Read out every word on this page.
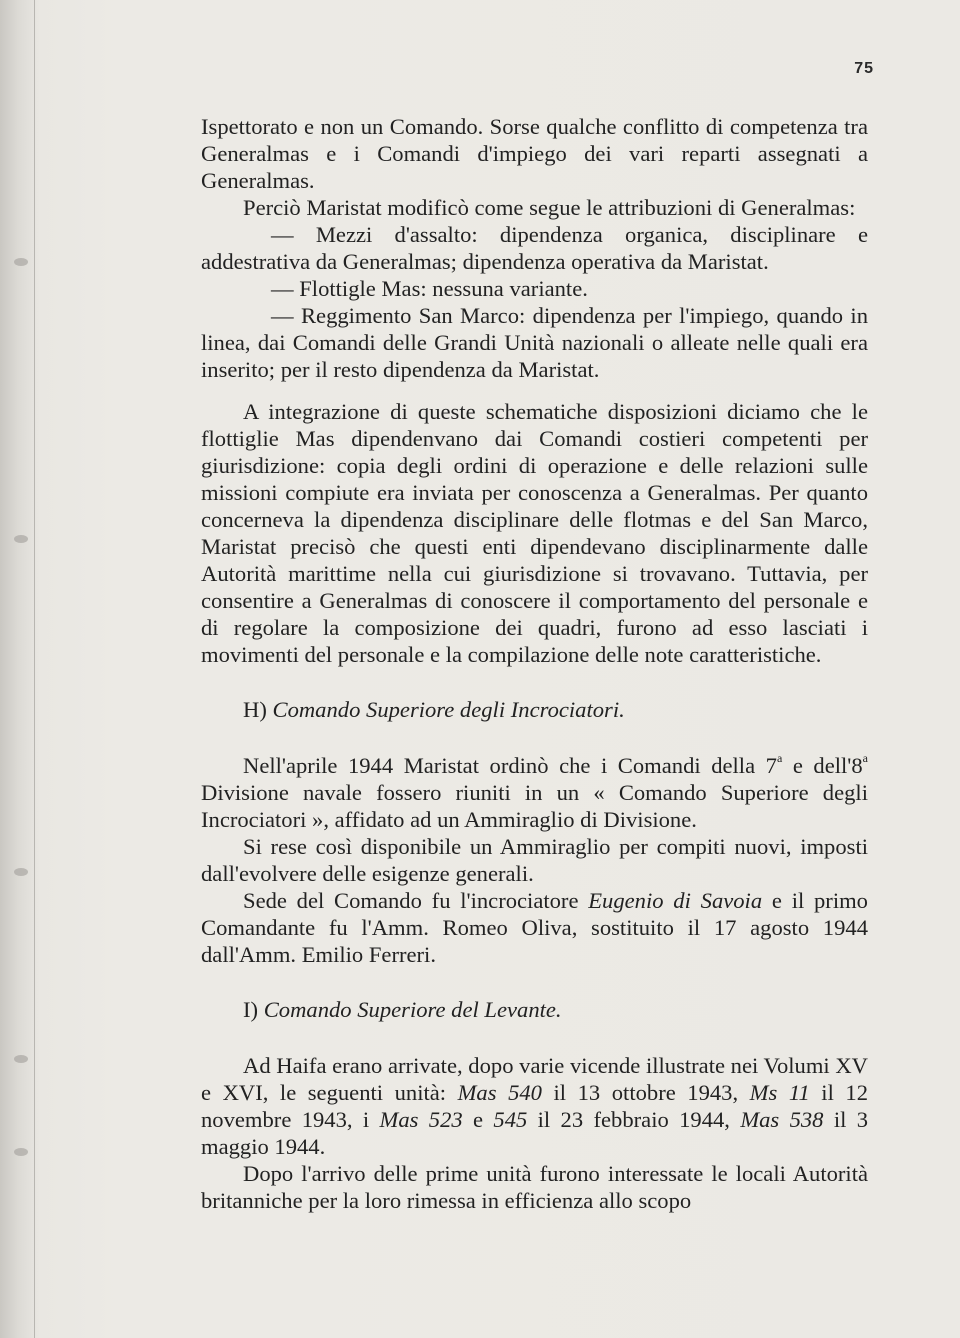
75

Ispettorato e non un Comando. Sorse qualche conflitto di competenza tra Generalmas e i Comandi d'impiego dei vari reparti assegnati a Generalmas.

Perciò Maristat modificò come segue le attribuzioni di Generalmas:

— Mezzi d'assalto: dipendenza organica, disciplinare e addestrativa da Generalmas; dipendenza operativa da Maristat.

— Flottigle Mas: nessuna variante.

— Reggimento San Marco: dipendenza per l'impiego, quando in linea, dai Comandi delle Grandi Unità nazionali o alleate nelle quali era inserito; per il resto dipendenza da Maristat.

A integrazione di queste schematiche disposizioni diciamo che le flottiglie Mas dipendenvano dai Comandi costieri competenti per giurisdizione: copia degli ordini di operazione e delle relazioni sulle missioni compiute era inviata per conoscenza a Generalmas. Per quanto concerneva la dipendenza disciplinare delle flotmas e del San Marco, Maristat precisò che questi enti dipendevano disciplinarmente dalle Autorità marittime nella cui giurisdizione si trovavano. Tuttavia, per consentire a Generalmas di conoscere il comportamento del personale e di regolare la composizione dei quadri, furono ad esso lasciati i movimenti del personale e la compilazione delle note caratteristiche.

H) Comando Superiore degli Incrociatori.

Nell'aprile 1944 Maristat ordinò che i Comandi della 7$^a$ e dell'8$^a$ Divisione navale fossero riuniti in un « Comando Superiore degli Incrociatori », affidato ad un Ammiraglio di Divisione.

Si rese così disponibile un Ammiraglio per compiti nuovi, imposti dall'evolvere delle esigenze generali.

Sede del Comando fu l'incrociatore Eugenio di Savoia e il primo Comandante fu l'Amm. Romeo Oliva, sostituito il 17 agosto 1944 dall'Amm. Emilio Ferreri.

I) Comando Superiore del Levante.

Ad Haifa erano arrivate, dopo varie vicende illustrate nei Volumi XV e XVI, le seguenti unità: Mas 540 il 13 ottobre 1943, Ms 11 il 12 novembre 1943, i Mas 523 e 545 il 23 febbraio 1944, Mas 538 il 3 maggio 1944.

Dopo l'arrivo delle prime unità furono interessate le locali Autorità britanniche per la loro rimessa in efficienza allo scopo
